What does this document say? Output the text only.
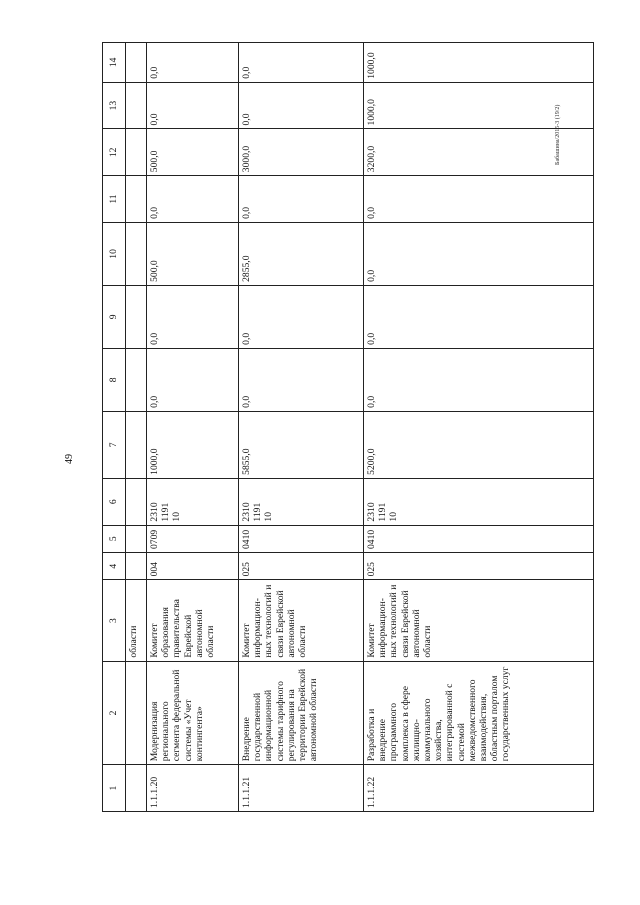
49
Бабашина/2015-3 (19/2)
1	2	3	4	5	6	7	8	9	10	11	12	13	14
		области											
1.1.1.20	Модернизация регионального сегмента федеральной системы «Учет контингента»	Комитет образования правительства Еврейской автономной области	004	0709	2310 1191 10	1000,0	0,0	0,0	500,0	0,0	500,0	0,0	0,0
1.1.1.21	Внедрение государственной информационной системы тарифного регулирования на территории Еврейской автономной области	Комитет информацион-ных технологий и связи Еврейской автономной области	025	0410	2310 1191 10	5855,0	0,0	0,0	2855,0	0,0	3000,0	0,0	0,0
1.1.1.22	Разработка и внедрение программного комплекса в сфере жилищно-коммунального хозяйства, интегрированной с системой межведомственного взаимодействия, областным порталом государственных услуг	Комитет информацион-ных технологий и связи Еврейской автономной области	025	0410	2310 1191 10	5200,0	0,0	0,0	0,0	0,0	3200,0	1000,0	1000,0
